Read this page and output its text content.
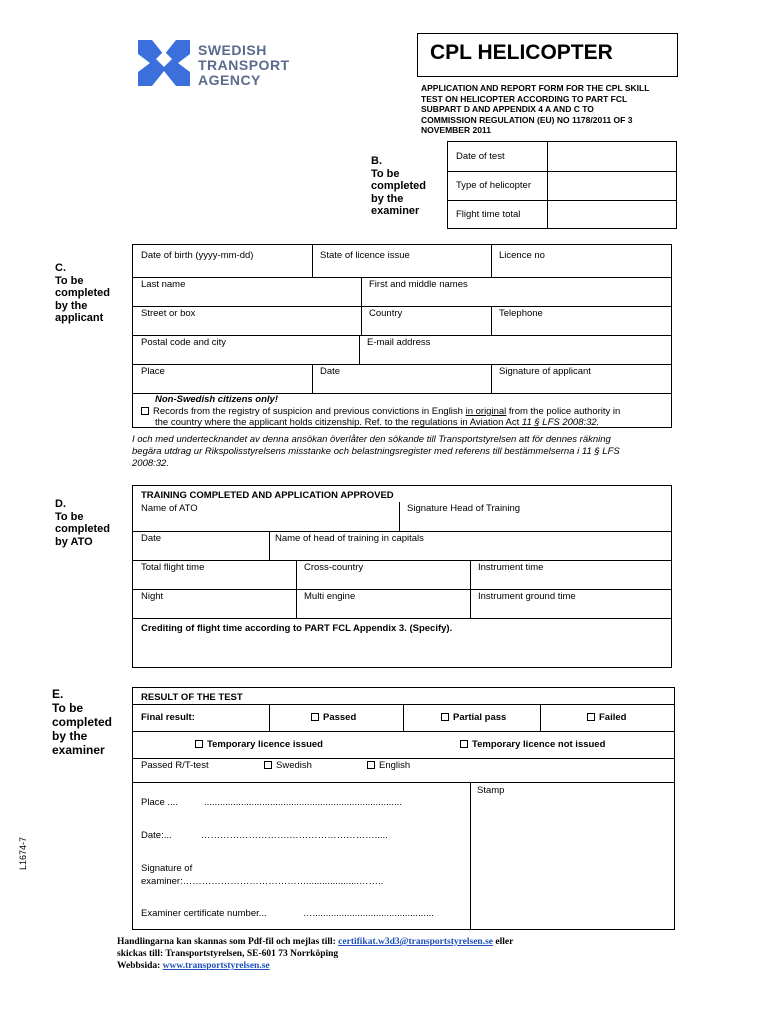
SWEDISH
TRANSPORT
AGENCY
CPL HELICOPTER
APPLICATION AND REPORT FORM FOR THE CPL SKILL
TEST ON HELICOPTER ACCORDING TO PART FCL
SUBPART D AND APPENDIX 4 A AND C TO
COMMISSION REGULATION (EU) NO 1178/2011 OF 3
NOVEMBER 2011
B.
To be
completed
by the
examiner
Date of test
Type of helicopter
Flight time total
C.
To be
completed
by the
applicant
Date of birth (yyyy-mm-dd)	State of licence issue	Licence no
Last name	First and middle names
Street or box	Country	Telephone
Postal code and city	E-mail address
Place	Date	Signature of applicant
Non-Swedish citizens only!
Records from the registry of suspicion and previous convictions in English in original from the police authority in
the country where the applicant holds citizenship. Ref. to the regulations in Aviation Act 11 § LFS 2008:32.
I och med undertecknandet av denna ansökan överlåter den sökande till Transportstyrelsen att för dennes räkning
begära utdrag ur Rikspolisstyrelsens misstanke och belastningsregister med referens till bestämmelserna i 11 § LFS
2008:32.
D.
To be
completed
by ATO
TRAINING COMPLETED AND APPLICATION APPROVED
Name of ATO	Signature Head of Training
Date	Name of head of training in capitals
Total flight time	Cross-country	Instrument time
Night	Multi engine	Instrument ground time
Crediting of flight time according to PART FCL Appendix 3. (Specify).
E.
To be
completed
by the
examiner
RESULT OF THE TEST
Final result:	Passed	Partial pass	Failed
Temporary licence issued	Temporary licence not issued
Passed R/T-test	Swedish	English
Place ....	...........................................................................
Date:...	……………………….……………………….....
Signature of
examiner:…………………………………....................……..
Examiner certificate number...	…..............................................
Stamp
L1674-7
Handlingarna kan skannas som Pdf-fil och mejlas till: certifikat.w3d3@transportstyrelsen.se eller
skickas till: Transportstyrelsen, SE-601 73 Norrköping
Webbsida: www.transportstyrelsen.se
